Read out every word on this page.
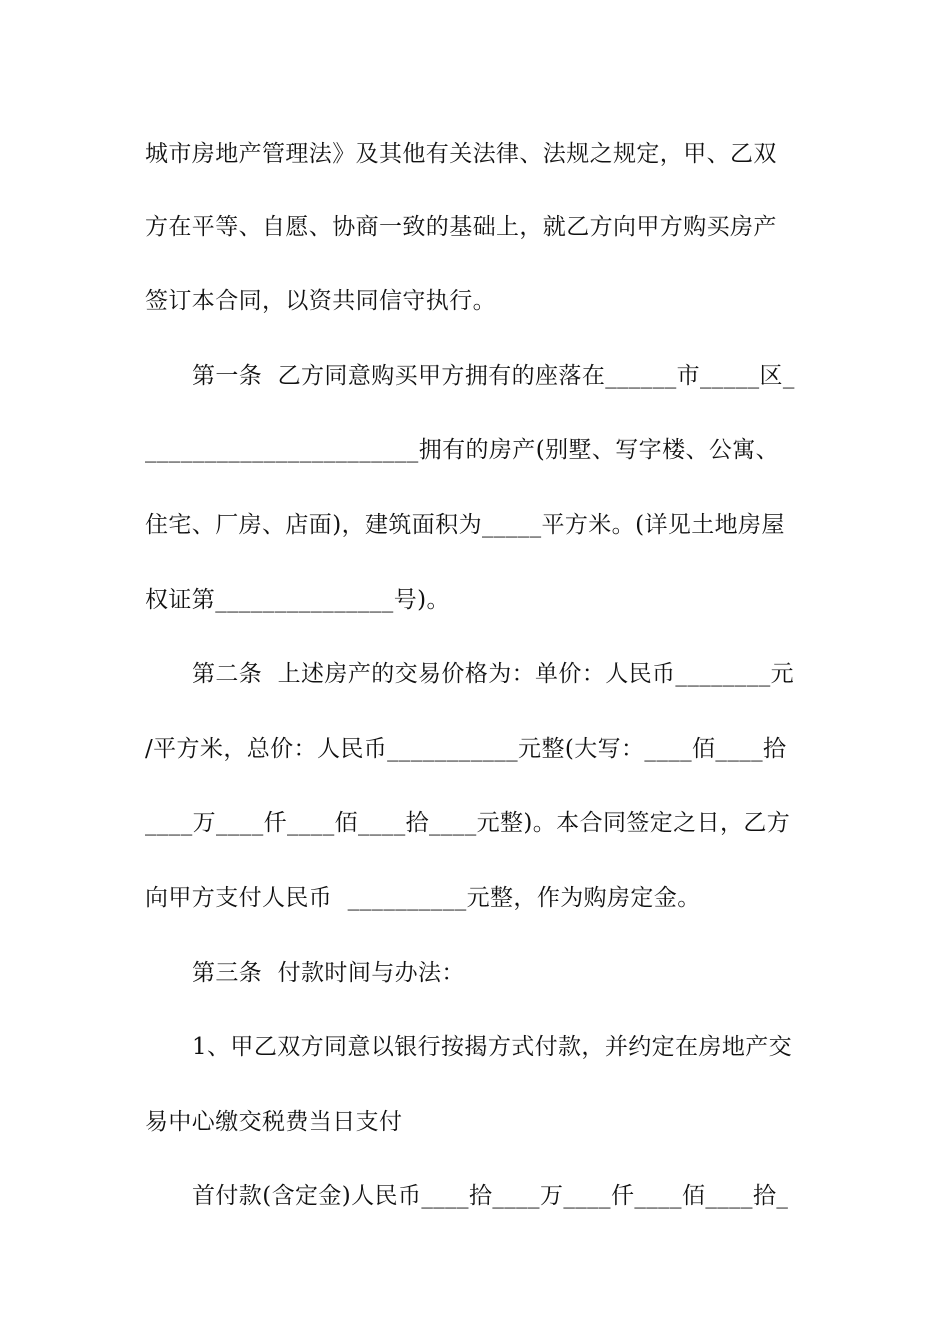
城市房地产管理法》及其他有关法律、法规之规定，甲、乙双
方在平等、自愿、协商一致的基础上，就乙方向甲方购买房产
签订本合同，以资共同信守执行。
第一条  乙方同意购买甲方拥有的座落在______市_____区_
_______________________拥有的房产(别墅、写字楼、公寓、
住宅、厂房、店面)，建筑面积为_____平方米。(详见土地房屋
权证第_______________号)。
第二条  上述房产的交易价格为：单价：人民币________元
/平方米，总价：人民币___________元整(大写：____佰____拾
____万____仟____佰____拾____元整)。本合同签定之日，乙方
向甲方支付人民币  __________元整，作为购房定金。
第三条  付款时间与办法：
1、甲乙双方同意以银行按揭方式付款，并约定在房地产交
易中心缴交税费当日支付
首付款(含定金)人民币____拾____万____仟____佰____拾_
